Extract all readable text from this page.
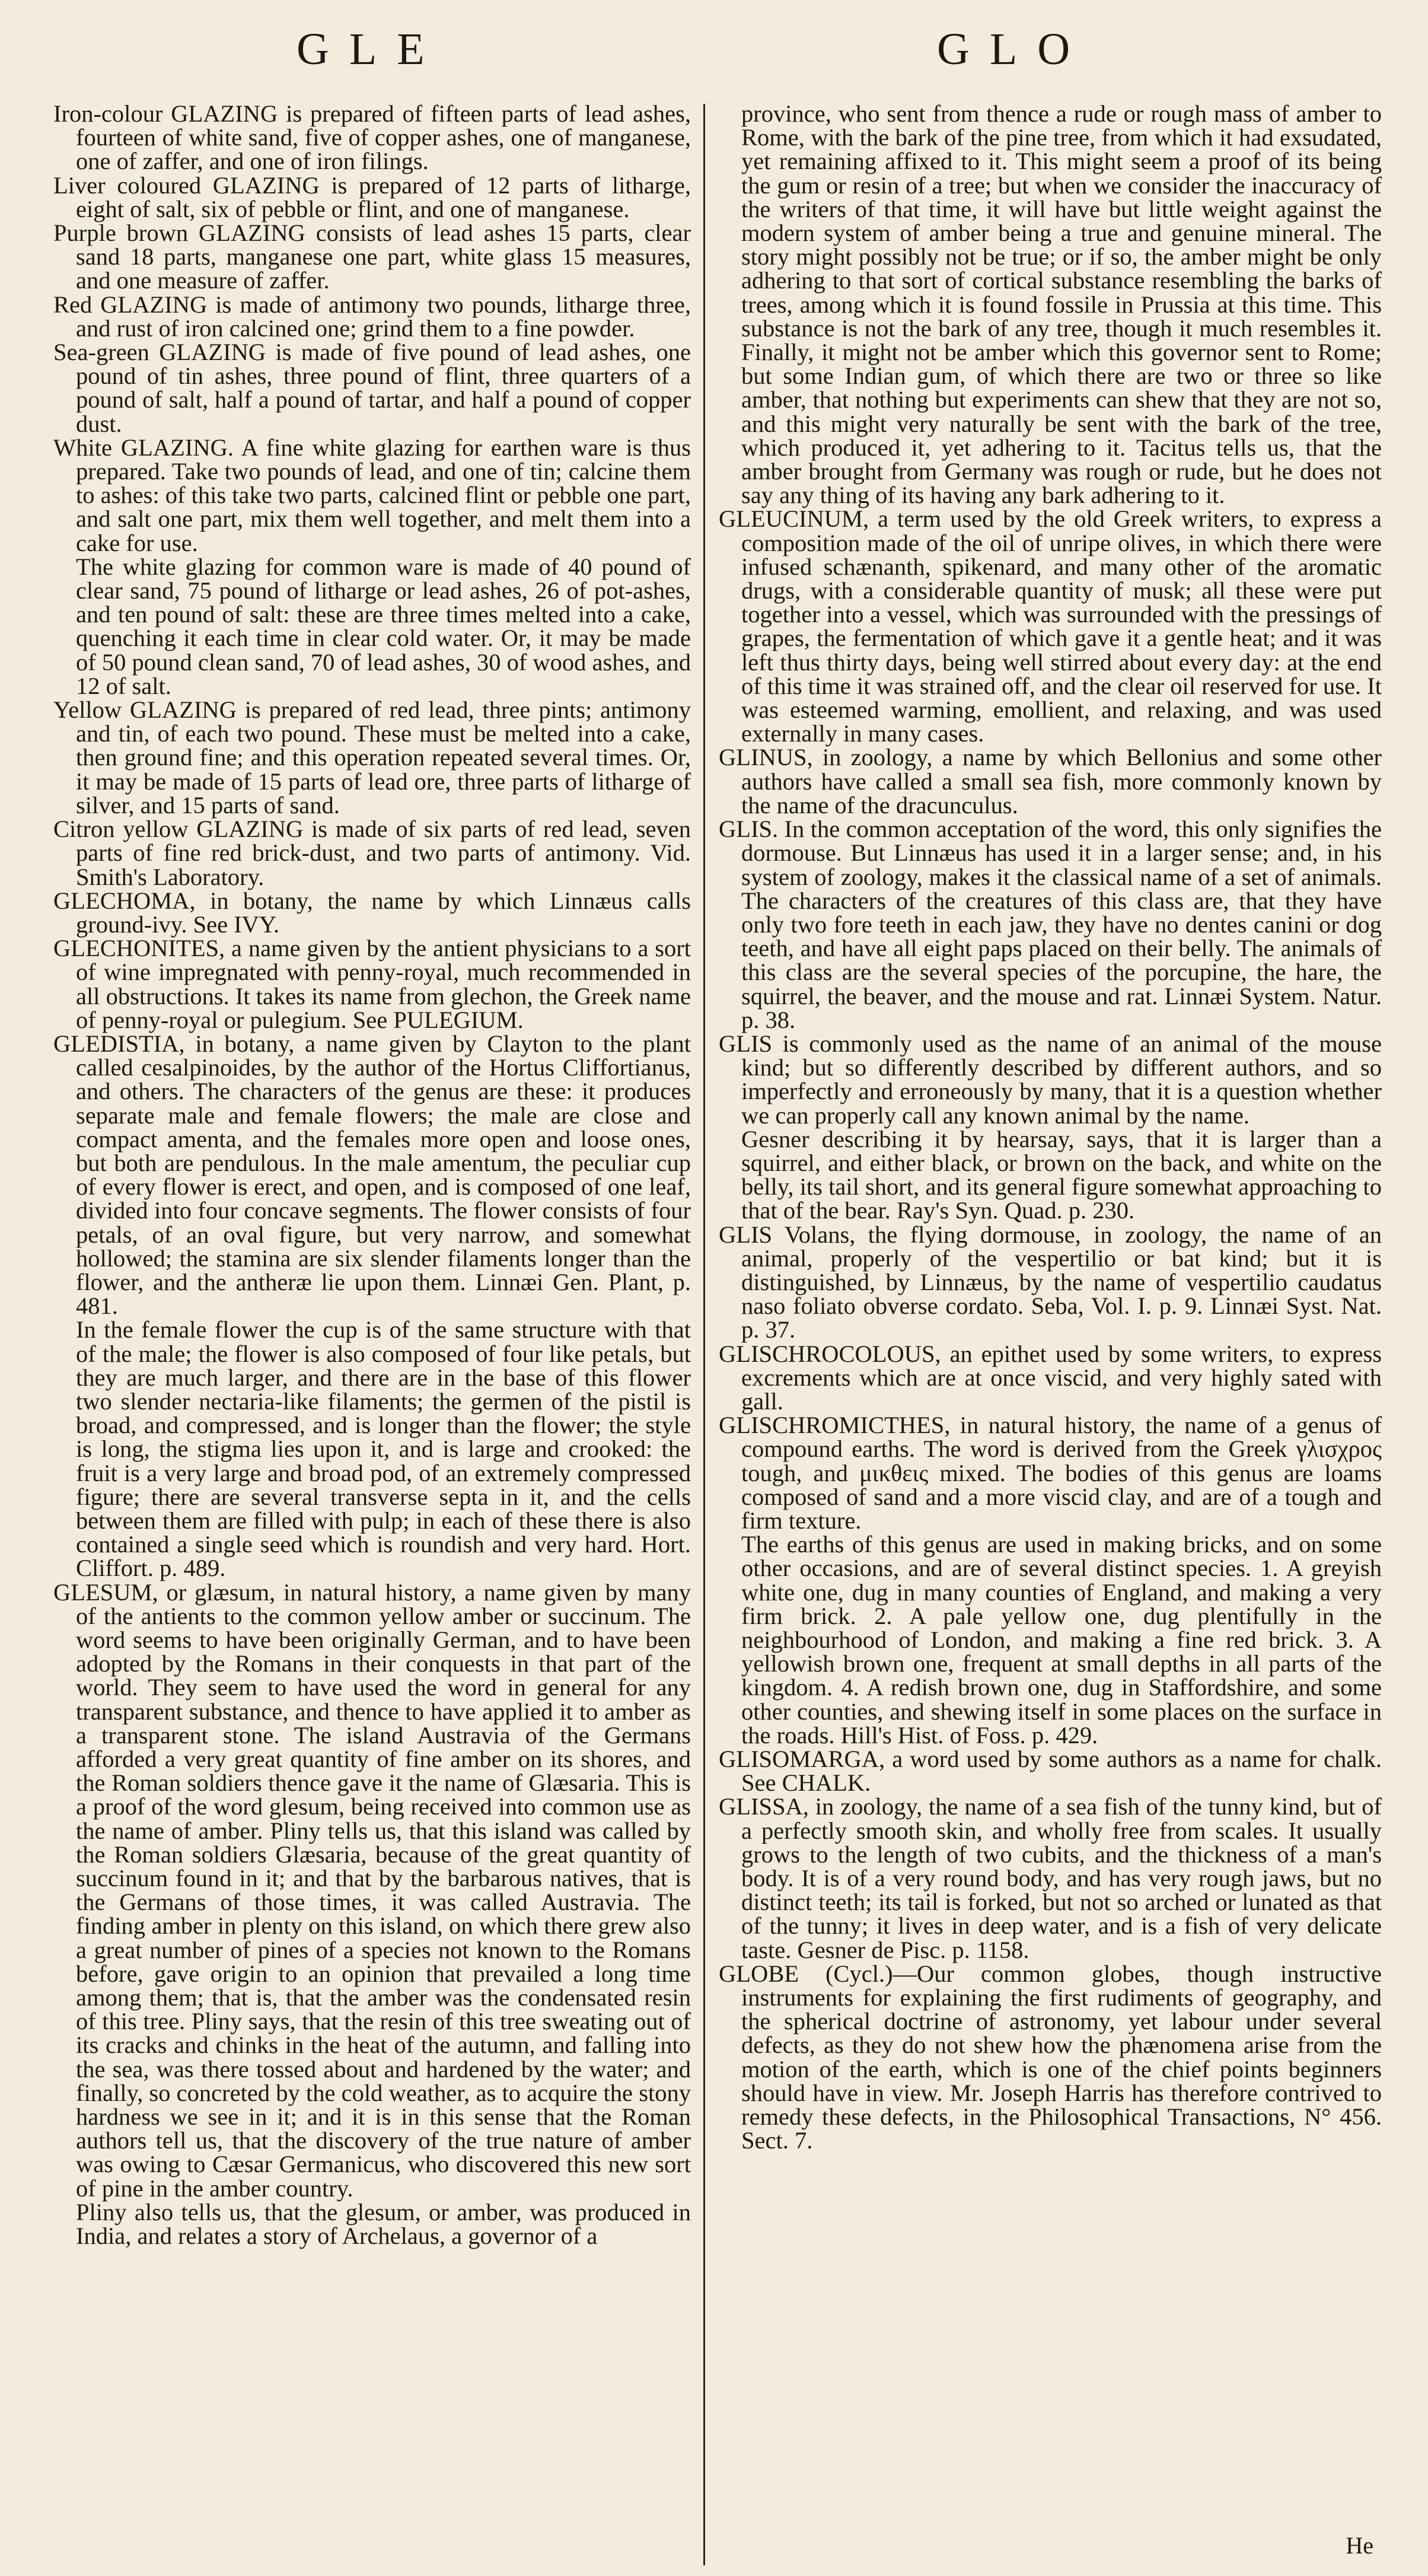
GLE	GLO

Iron-colour GLAZING is prepared of fifteen parts of lead ashes, fourteen of white sand, five of copper ashes, one of manganese, one of zaffer, and one of iron filings.

Liver coloured GLAZING is prepared of 12 parts of litharge, eight of salt, six of pebble or flint, and one of manganese.

Purple brown GLAZING consists of lead ashes 15 parts, clear sand 18 parts, manganese one part, white glass 15 measures, and one measure of zaffer.

Red GLAZING is made of antimony two pounds, litharge three, and rust of iron calcined one; grind them to a fine powder.

Sea-green GLAZING is made of five pound of lead ashes, one pound of tin ashes, three pound of flint, three quarters of a pound of salt, half a pound of tartar, and half a pound of copper dust.

White GLAZING. A fine white glazing for earthen ware is thus prepared. Take two pounds of lead, and one of tin; calcine them to ashes: of this take two parts, calcined flint or pebble one part, and salt one part, mix them well together, and melt them into a cake for use.

The white glazing for common ware is made of 40 pound of clear sand, 75 pound of litharge or lead ashes, 26 of pot-ashes, and ten pound of salt: these are three times melted into a cake, quenching it each time in clear cold water. Or, it may be made of 50 pound clean sand, 70 of lead ashes, 30 of wood ashes, and 12 of salt.

Yellow GLAZING is prepared of red lead, three pints; antimony and tin, of each two pound. These must be melted into a cake, then ground fine; and this operation repeated several times. Or, it may be made of 15 parts of lead ore, three parts of litharge of silver, and 15 parts of sand.

Citron yellow GLAZING is made of six parts of red lead, seven parts of fine red brick-dust, and two parts of antimony. Vid. Smith's Laboratory.

GLECHOMA, in botany, the name by which Linnæus calls ground-ivy. See IVY.

GLECHONITES, a name given by the antient physicians to a sort of wine impregnated with penny-royal, much recommended in all obstructions. It takes its name from glechon, the Greek name of penny-royal or pulegium. See PULEGIUM.

GLEDISTIA, in botany, a name given by Clayton to the plant called cesalpinoides, by the author of the Hortus Cliffortianus, and others. The characters of the genus are these: it produces separate male and female flowers; the male are close and compact amenta, and the females more open and loose ones, but both are pendulous. In the male amentum, the peculiar cup of every flower is erect, and open, and is composed of one leaf, divided into four concave segments. The flower consists of four petals, of an oval figure, but very narrow, and somewhat hollowed; the stamina are six slender filaments longer than the flower, and the antheræ lie upon them. Linnæi Gen. Plant, p. 481.

In the female flower the cup is of the same structure with that of the male; the flower is also composed of four like petals, but they are much larger, and there are in the base of this flower two slender nectaria-like filaments; the germen of the pistil is broad, and compressed, and is longer than the flower; the style is long, the stigma lies upon it, and is large and crooked: the fruit is a very large and broad pod, of an extremely compressed figure; there are several transverse septa in it, and the cells between them are filled with pulp; in each of these there is also contained a single seed which is roundish and very hard. Hort. Cliffort. p. 489.

GLESUM, or glæsum, in natural history, a name given by many of the antients to the common yellow amber or succinum. The word seems to have been originally German, and to have been adopted by the Romans in their conquests in that part of the world. They seem to have used the word in general for any transparent substance, and thence to have applied it to amber as a transparent stone. The island Austravia of the Germans afforded a very great quantity of fine amber on its shores, and the Roman soldiers thence gave it the name of Glæsaria. This is a proof of the word glesum, being received into common use as the name of amber. Pliny tells us, that this island was called by the Roman soldiers Glæsaria, because of the great quantity of succinum found in it; and that by the barbarous natives, that is the Germans of those times, it was called Austravia. The finding amber in plenty on this island, on which there grew also a great number of pines of a species not known to the Romans before, gave origin to an opinion that prevailed a long time among them; that is, that the amber was the condensated resin of this tree. Pliny says, that the resin of this tree sweating out of its cracks and chinks in the heat of the autumn, and falling into the sea, was there tossed about and hardened by the water; and finally, so concreted by the cold weather, as to acquire the stony hardness we see in it; and it is in this sense that the Roman authors tell us, that the discovery of the true nature of amber was owing to Cæsar Germanicus, who discovered this new sort of pine in the amber country.

Pliny also tells us, that the glesum, or amber, was produced in India, and relates a story of Archelaus, a governor of a

province, who sent from thence a rude or rough mass of amber to Rome, with the bark of the pine tree, from which it had exsudated, yet remaining affixed to it. This might seem a proof of its being the gum or resin of a tree; but when we consider the inaccuracy of the writers of that time, it will have but little weight against the modern system of amber being a true and genuine mineral. The story might possibly not be true; or if so, the amber might be only adhering to that sort of cortical substance resembling the barks of trees, among which it is found fossile in Prussia at this time. This substance is not the bark of any tree, though it much resembles it. Finally, it might not be amber which this governor sent to Rome; but some Indian gum, of which there are two or three so like amber, that nothing but experiments can shew that they are not so, and this might very naturally be sent with the bark of the tree, which produced it, yet adhering to it. Tacitus tells us, that the amber brought from Germany was rough or rude, but he does not say any thing of its having any bark adhering to it.

GLEUCINUM, a term used by the old Greek writers, to express a composition made of the oil of unripe olives, in which there were infused schænanth, spikenard, and many other of the aromatic drugs, with a considerable quantity of musk; all these were put together into a vessel, which was surrounded with the pressings of grapes, the fermentation of which gave it a gentle heat; and it was left thus thirty days, being well stirred about every day: at the end of this time it was strained off, and the clear oil reserved for use. It was esteemed warming, emollient, and relaxing, and was used externally in many cases.

GLINUS, in zoology, a name by which Bellonius and some other authors have called a small sea fish, more commonly known by the name of the dracunculus.

GLIS. In the common acceptation of the word, this only signifies the dormouse. But Linnæus has used it in a larger sense; and, in his system of zoology, makes it the classical name of a set of animals. The characters of the creatures of this class are, that they have only two fore teeth in each jaw, they have no dentes canini or dog teeth, and have all eight paps placed on their belly. The animals of this class are the several species of the porcupine, the hare, the squirrel, the beaver, and the mouse and rat. Linnæi System. Natur. p. 38.

GLIS is commonly used as the name of an animal of the mouse kind; but so differently described by different authors, and so imperfectly and erroneously by many, that it is a question whether we can properly call any known animal by the name.

Gesner describing it by hearsay, says, that it is larger than a squirrel, and either black, or brown on the back, and white on the belly, its tail short, and its general figure somewhat approaching to that of the bear. Ray's Syn. Quad. p. 230.

GLIS Volans, the flying dormouse, in zoology, the name of an animal, properly of the vespertilio or bat kind; but it is distinguished, by Linnæus, by the name of vespertilio caudatus naso foliato obverse cordato. Seba, Vol. I. p. 9. Linnæi Syst. Nat. p. 37.

GLISCHROCOLOUS, an epithet used by some writers, to express excrements which are at once viscid, and very highly sated with gall.

GLISCHROMICTHES, in natural history, the name of a genus of compound earths. The word is derived from the Greek γλισχρος tough, and μικθεις mixed. The bodies of this genus are loams composed of sand and a more viscid clay, and are of a tough and firm texture.

The earths of this genus are used in making bricks, and on some other occasions, and are of several distinct species. 1. A greyish white one, dug in many counties of England, and making a very firm brick. 2. A pale yellow one, dug plentifully in the neighbourhood of London, and making a fine red brick. 3. A yellowish brown one, frequent at small depths in all parts of the kingdom. 4. A redish brown one, dug in Staffordshire, and some other counties, and shewing itself in some places on the surface in the roads. Hill's Hist. of Foss. p. 429.

GLISOMARGA, a word used by some authors as a name for chalk. See CHALK.

GLISSA, in zoology, the name of a sea fish of the tunny kind, but of a perfectly smooth skin, and wholly free from scales. It usually grows to the length of two cubits, and the thickness of a man's body. It is of a very round body, and has very rough jaws, but no distinct teeth; its tail is forked, but not so arched or lunated as that of the tunny; it lives in deep water, and is a fish of very delicate taste. Gesner de Pisc. p. 1158.

GLOBE (Cycl.)—Our common globes, though instructive instruments for explaining the first rudiments of geography, and the spherical doctrine of astronomy, yet labour under several defects, as they do not shew how the phænomena arise from the motion of the earth, which is one of the chief points beginners should have in view. Mr. Joseph Harris has therefore contrived to remedy these defects, in the Philosophical Transactions, N° 456. Sect. 7.

He
